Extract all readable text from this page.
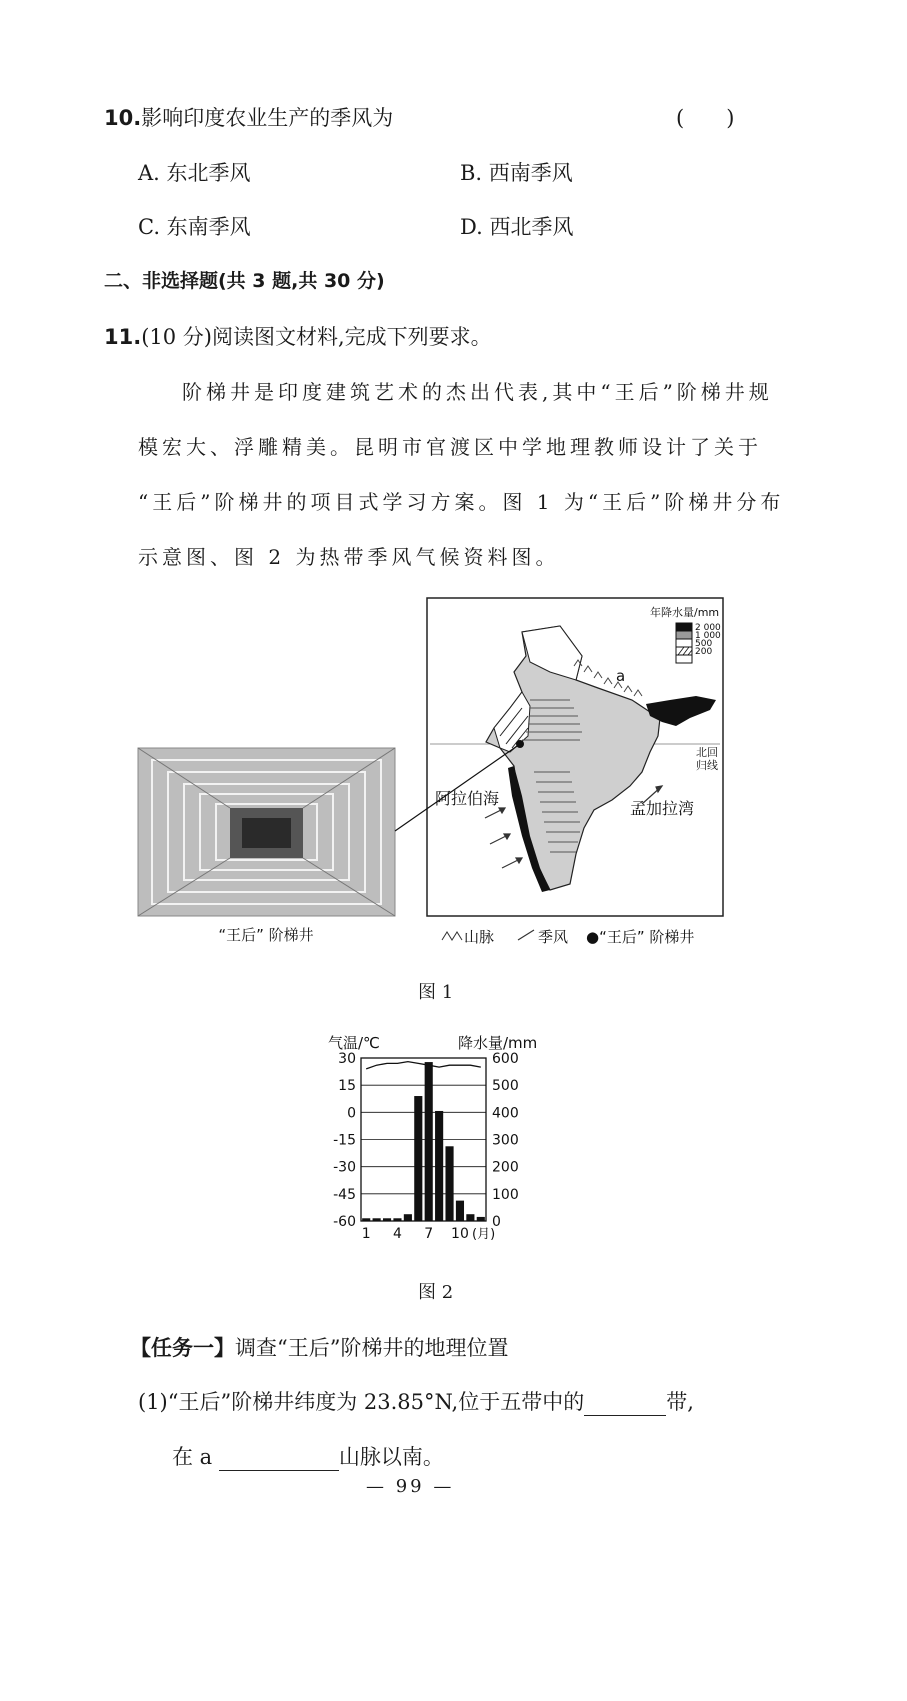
10.影响印度农业生产的季风为	(　　)
A. 东北季风	B. 西南季风
C. 东南季风	D. 西北季风
二、非选择题(共 3 题,共 30 分)
11.(10 分)阅读图文材料,完成下列要求。
阶梯井是印度建筑艺术的杰出代表,其中“王后”阶梯井规
模宏大、浮雕精美。昆明市官渡区中学地理教师设计了关于
“王后”阶梯井的项目式学习方案。图 1 为“王后”阶梯井分布
示意图、图 2 为热带季风气候资料图。
“王后” 阶梯井
a
阿拉伯海
孟加拉湾
北回
归线
年降水量/mm
2 000
1 000
500
200
山脉	季风 ●“王后” 阶梯井
图 1
气温/℃	降水量/mm
30	600
15	500
0	400
-15	300
-30	200
-45	100
-60	0
1 4 7 10 (月)
图 2
【任务一】调查“王后”阶梯井的地理位置
(1)“王后”阶梯井纬度为 23.85°N,位于五带中的	带,
在 a	山脉以南。
— 99 —
